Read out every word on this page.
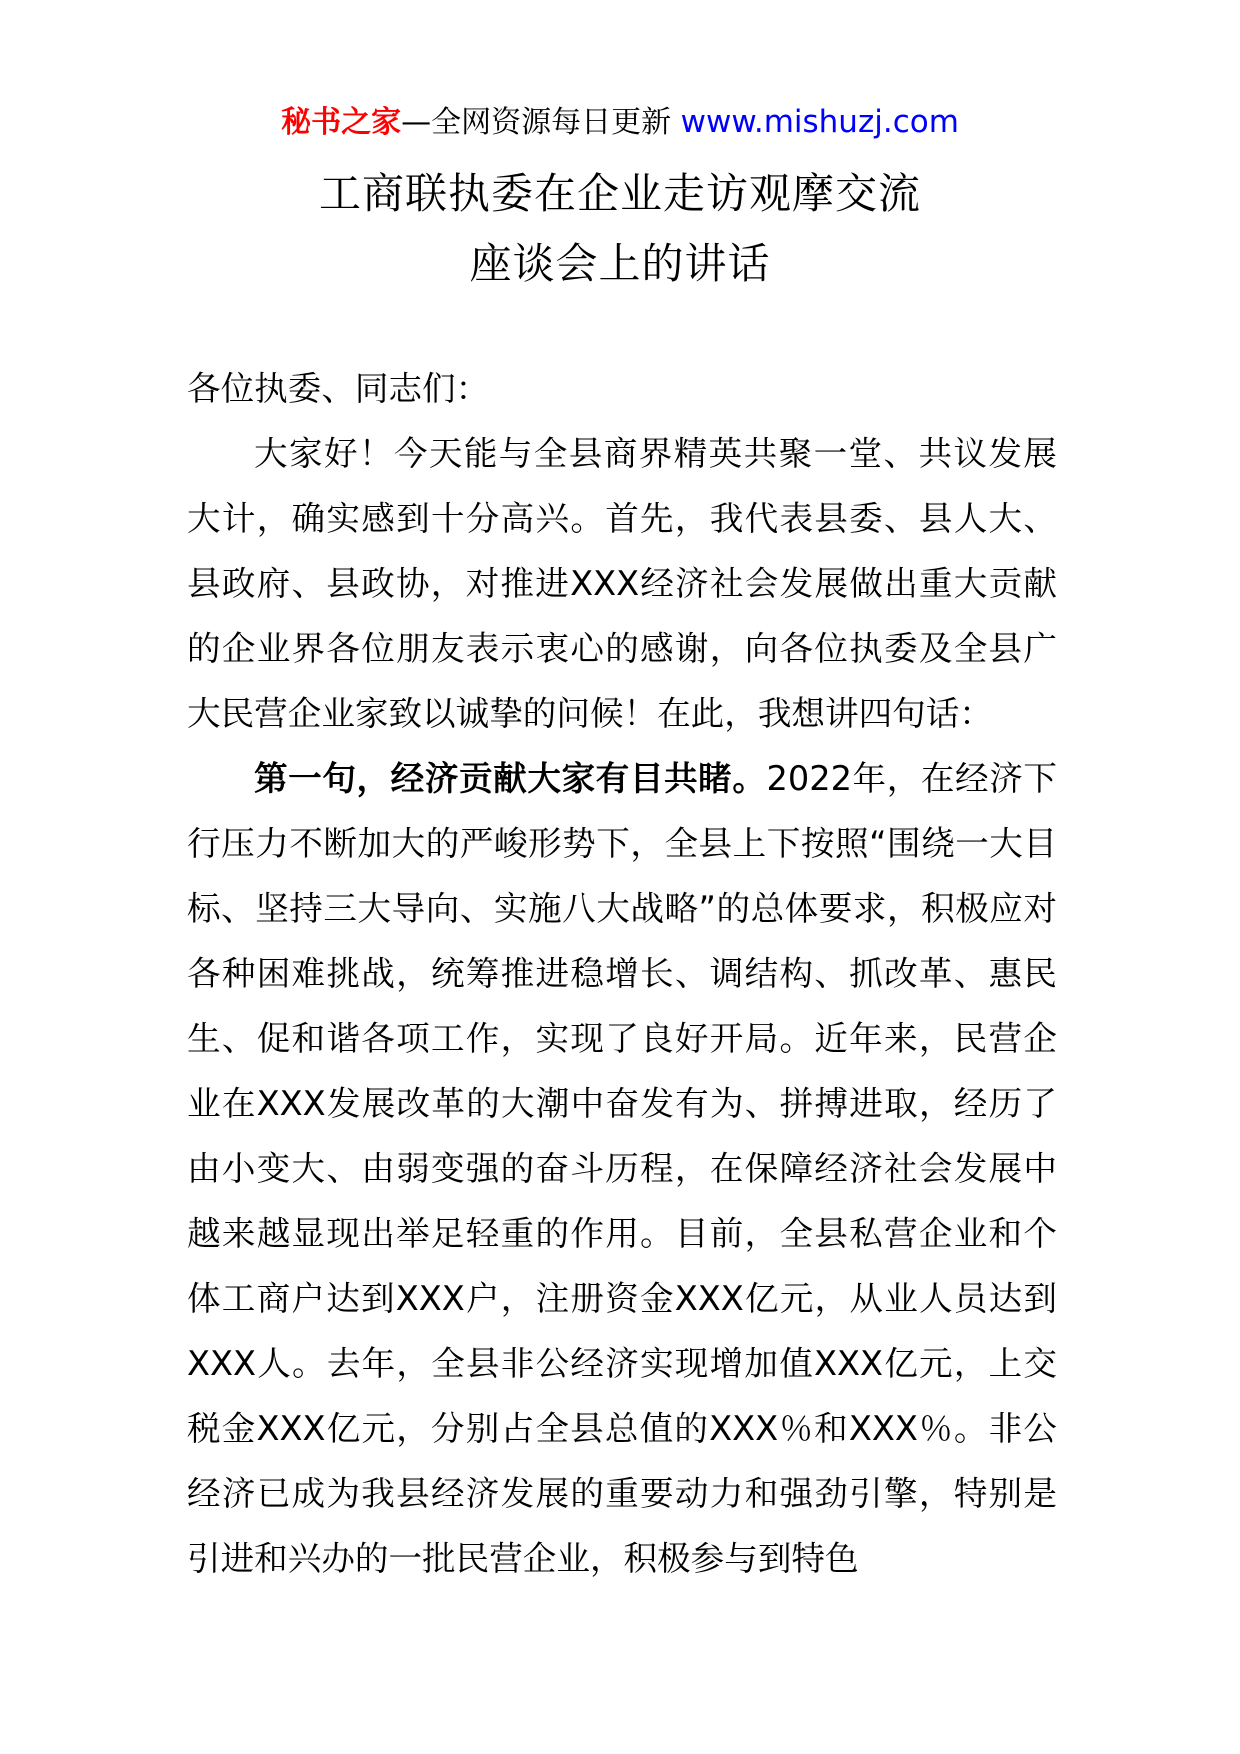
秘书之家—全网资源每日更新 www.mishuzj.com
工商联执委在企业走访观摩交流
座谈会上的讲话

各位执委、同志们：

大家好！今天能与全县商界精英共聚一堂、共议发展大计，确实感到十分高兴。首先，我代表县委、县人大、县政府、县政协，对推进XXX经济社会发展做出重大贡献的企业界各位朋友表示衷心的感谢，向各位执委及全县广大民营企业家致以诚挚的问候！在此，我想讲四句话：

第一句，经济贡献大家有目共睹。2022年，在经济下行压力不断加大的严峻形势下，全县上下按照“围绕一大目标、坚持三大导向、实施八大战略”的总体要求，积极应对各种困难挑战，统筹推进稳增长、调结构、抓改革、惠民生、促和谐各项工作，实现了良好开局。近年来，民营企业在XXX发展改革的大潮中奋发有为、拼搏进取，经历了由小变大、由弱变强的奋斗历程，在保障经济社会发展中越来越显现出举足轻重的作用。目前，全县私营企业和个体工商户达到XXX户，注册资金XXX亿元，从业人员达到XXX人。去年，全县非公经济实现增加值XXX亿元，上交税金XXX亿元，分别占全县总值的XXX％和XXX％。非公经济已成为我县经济发展的重要动力和强劲引擎，特别是引进和兴办的一批民营企业，积极参与到特色
